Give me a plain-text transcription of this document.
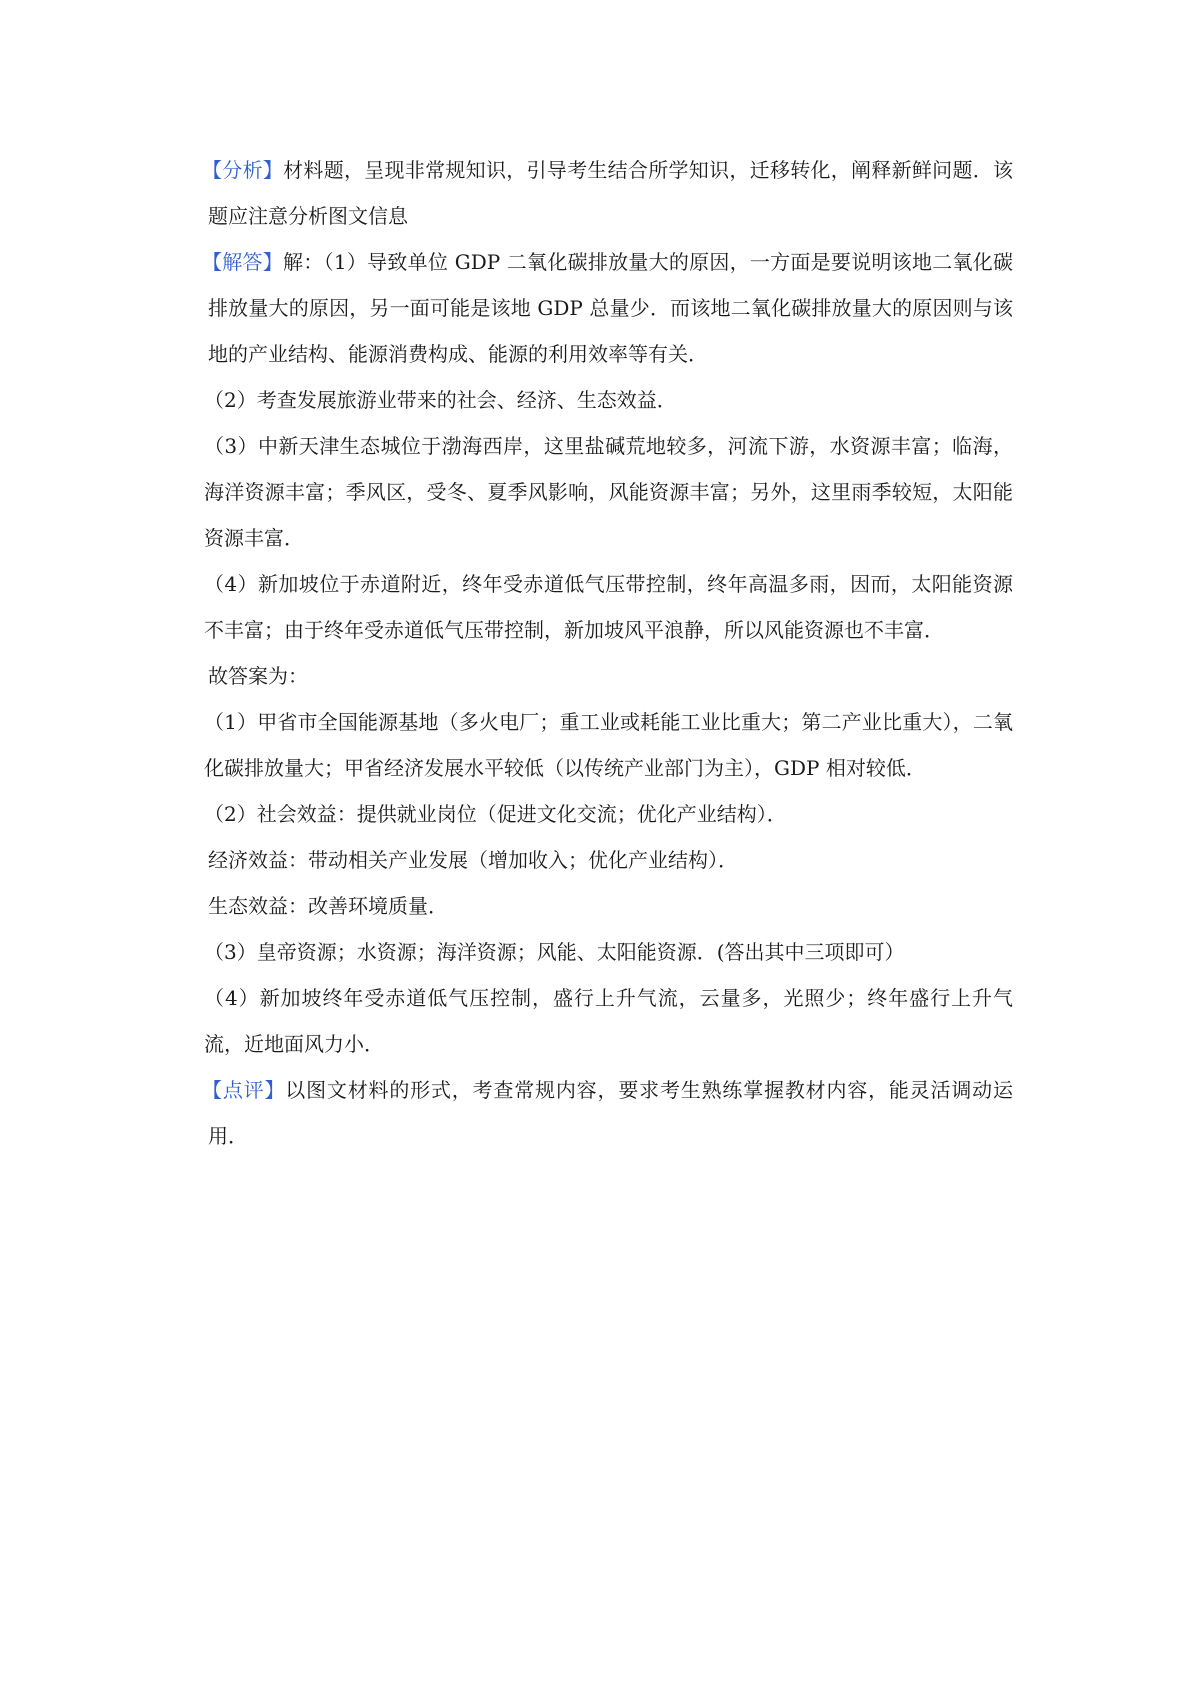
【分析】材料题，呈现非常规知识，引导考生结合所学知识，迁移转化，阐释新鲜问题．该题应注意分析图文信息

【解答】解：（1）导致单位 GDP 二氧化碳排放量大的原因，一方面是要说明该地二氧化碳排放量大的原因，另一面可能是该地 GDP 总量少．而该地二氧化碳排放量大的原因则与该地的产业结构、能源消费构成、能源的利用效率等有关．

（2）考查发展旅游业带来的社会、经济、生态效益．

（3）中新天津生态城位于渤海西岸，这里盐碱荒地较多，河流下游，水资源丰富；临海，海洋资源丰富；季风区，受冬、夏季风影响，风能资源丰富；另外，这里雨季较短，太阳能资源丰富．

（4）新加坡位于赤道附近，终年受赤道低气压带控制，终年高温多雨，因而，太阳能资源不丰富；由于终年受赤道低气压带控制，新加坡风平浪静，所以风能资源也不丰富．

故答案为：

（1）甲省市全国能源基地（多火电厂；重工业或耗能工业比重大；第二产业比重大），二氧化碳排放量大；甲省经济发展水平较低（以传统产业部门为主），GDP 相对较低．

（2）社会效益：提供就业岗位（促进文化交流；优化产业结构）．

经济效益：带动相关产业发展（增加收入；优化产业结构）．

生态效益：改善环境质量．

（3）皇帝资源；水资源；海洋资源；风能、太阳能资源．(答出其中三项即可）

（4）新加坡终年受赤道低气压控制，盛行上升气流，云量多，光照少；终年盛行上升气流，近地面风力小．

【点评】以图文材料的形式，考查常规内容，要求考生熟练掌握教材内容，能灵活调动运用．
